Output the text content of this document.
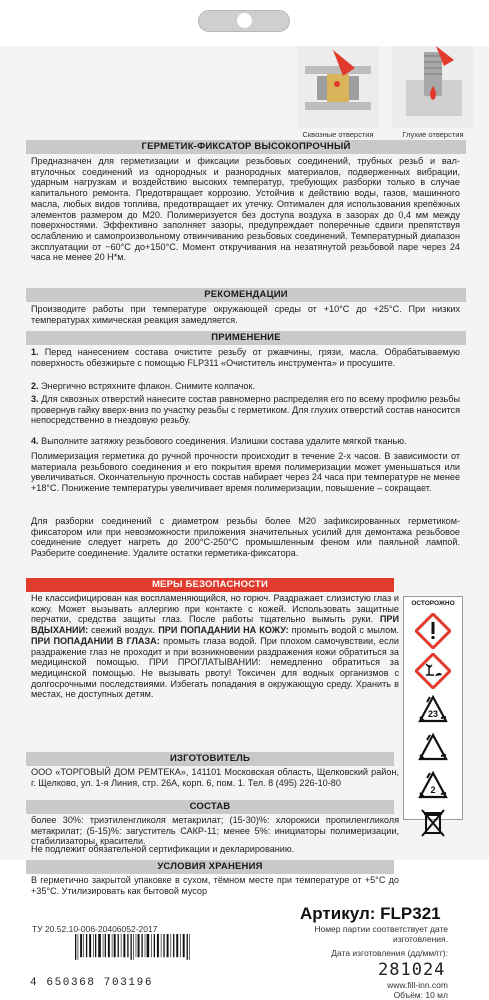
Сквозные отверстия	Глухие отверстия
ГЕРМЕТИК-ФИКСАТОР ВЫСОКОПРОЧНЫЙ
Предназначен для герметизации и фиксации резьбовых соединений, трубных резьб и вал-втулочных соединений из однородных и разнородных материалов, подверженных вибрации, ударным нагрузкам и воздействию высоких температур, требующих разборки только в случае капитального ремонта. Предотвращает коррозию. Устойчив к действию воды, газов, машинного масла, любых видов топлива, предотвращает их утечку. Оптимален для использования крепёжных элементов размером до М20. Полимеризуется без доступа воздуха в зазорах до 0,4 мм между поверхностями. Эффективно заполняет зазоры, предупреждает поперечные сдвиги препятствуя ослаблению и самопроизвольному отвинчиванию резьбовых соединений. Температурный диапазон эксплуатации от −60°С до+150°С. Момент откручивания на незатянутой резьбовой паре через 24 часа не менее 20 Н*м.
РЕКОМЕНДАЦИИ
Производите работы при температуре окружающей среды от +10°С до +25°С. При низких температурах химическая реакция замедляется.
ПРИМЕНЕНИЕ
1. Перед нанесением состава очистите резьбу от ржавчины, грязи, масла. Обрабатываемую поверхность обезжирьте с помощью FLP311 «Очиститель инструмента» и просушите.
2. Энергично встряхните флакон. Снимите колпачок.
3. Для сквозных отверстий нанесите состав равномерно распределяя его по всему профилю резьбы провернув гайку вверх-вниз по участку резьбы с герметиком. Для глухих отверстий состав наносится непосредственно в гнездовую резьбу.
4. Выполните затяжку резьбового соединения. Излишки состава удалите мягкой тканью.
Полимеризация герметика до ручной прочности происходит в течение 2-х часов. В зависимости от материала резьбового соединения и его покрытия время полимеризации может уменьшаться или увеличиваться. Окончательную прочность состав набирает через 24 часа при температуре не менее +18°С. Понижение температуры увеличивает время полимеризации, повышение – сокращает.
Для разборки соединений с диаметром резьбы более М20 зафиксированных герметиком-фиксатором или при невозможности приложения значительных усилий для демонтажа резьбовое соединение следует нагреть до 200°С-250°С промышленным феном или паяльной лампой. Разберите соединение. Удалите остатки герметика-фиксатора.
МЕРЫ БЕЗОПАСНОСТИ
Не классифицирован как воспламеняющийся, но горюч. Раздражает слизистую глаз и кожу. Может вызывать аллергию при контакте с кожей. Использовать защитные перчатки, средства защиты глаз. После работы тщательно вымыть руки. ПРИ ВДЫХАНИИ: свежий воздух. ПРИ ПОПАДАНИИ НА КОЖУ: промыть водой с мылом. ПРИ ПОПАДАНИИ В ГЛАЗА: промыть глаза водой. При плохом самочувствии, если раздражение глаз не проходит и при возникновении раздражения кожи обратиться за медицинской помощью. ПРИ ПРОГЛАТЫВАНИИ: немедленно обратиться за медицинской помощью. Не вызывать рвоту! Токсичен для водных организмов с долгосрочными последствиями. Избегать попадания в окружающую среду. Хранить в местах, не доступных детям.
ОСТОРОЖНО
23
2
ИЗГОТОВИТЕЛЬ
ООО «ТОРГОВЫЙ ДОМ РЕМТЕКА», 141101 Московская область, Щелковский район, г. Щелково, ул. 1-я Линия, стр. 26А, корп. 6, пом. 1. Тел. 8 (495) 226-10-80
СОСТАВ
более 30%: триэтиленгликоля метакрилат; (15-30)%: хлорокиси пропиленгликоля метакрилат; (5-15)%: загуститель САКР-11; менее 5%: инициаторы полимеризации, стабилизаторы, красители.
Не подлежит обязательной сертификации и декларированию.
УСЛОВИЯ ХРАНЕНИЯ
В герметично закрытой упаковке в сухом, тёмном месте при температуре от +5°С до +35°С. Утилизировать как бытовой мусор
Артикул: FLP321
ТУ 20.52.10-006-20406052-2017	Номер партии соответствует дате изготовления.
Дата изготовления (дд/мм/гг):
4 650368 703196
281024
www.fill-inn.com
Объём: 10 мл
